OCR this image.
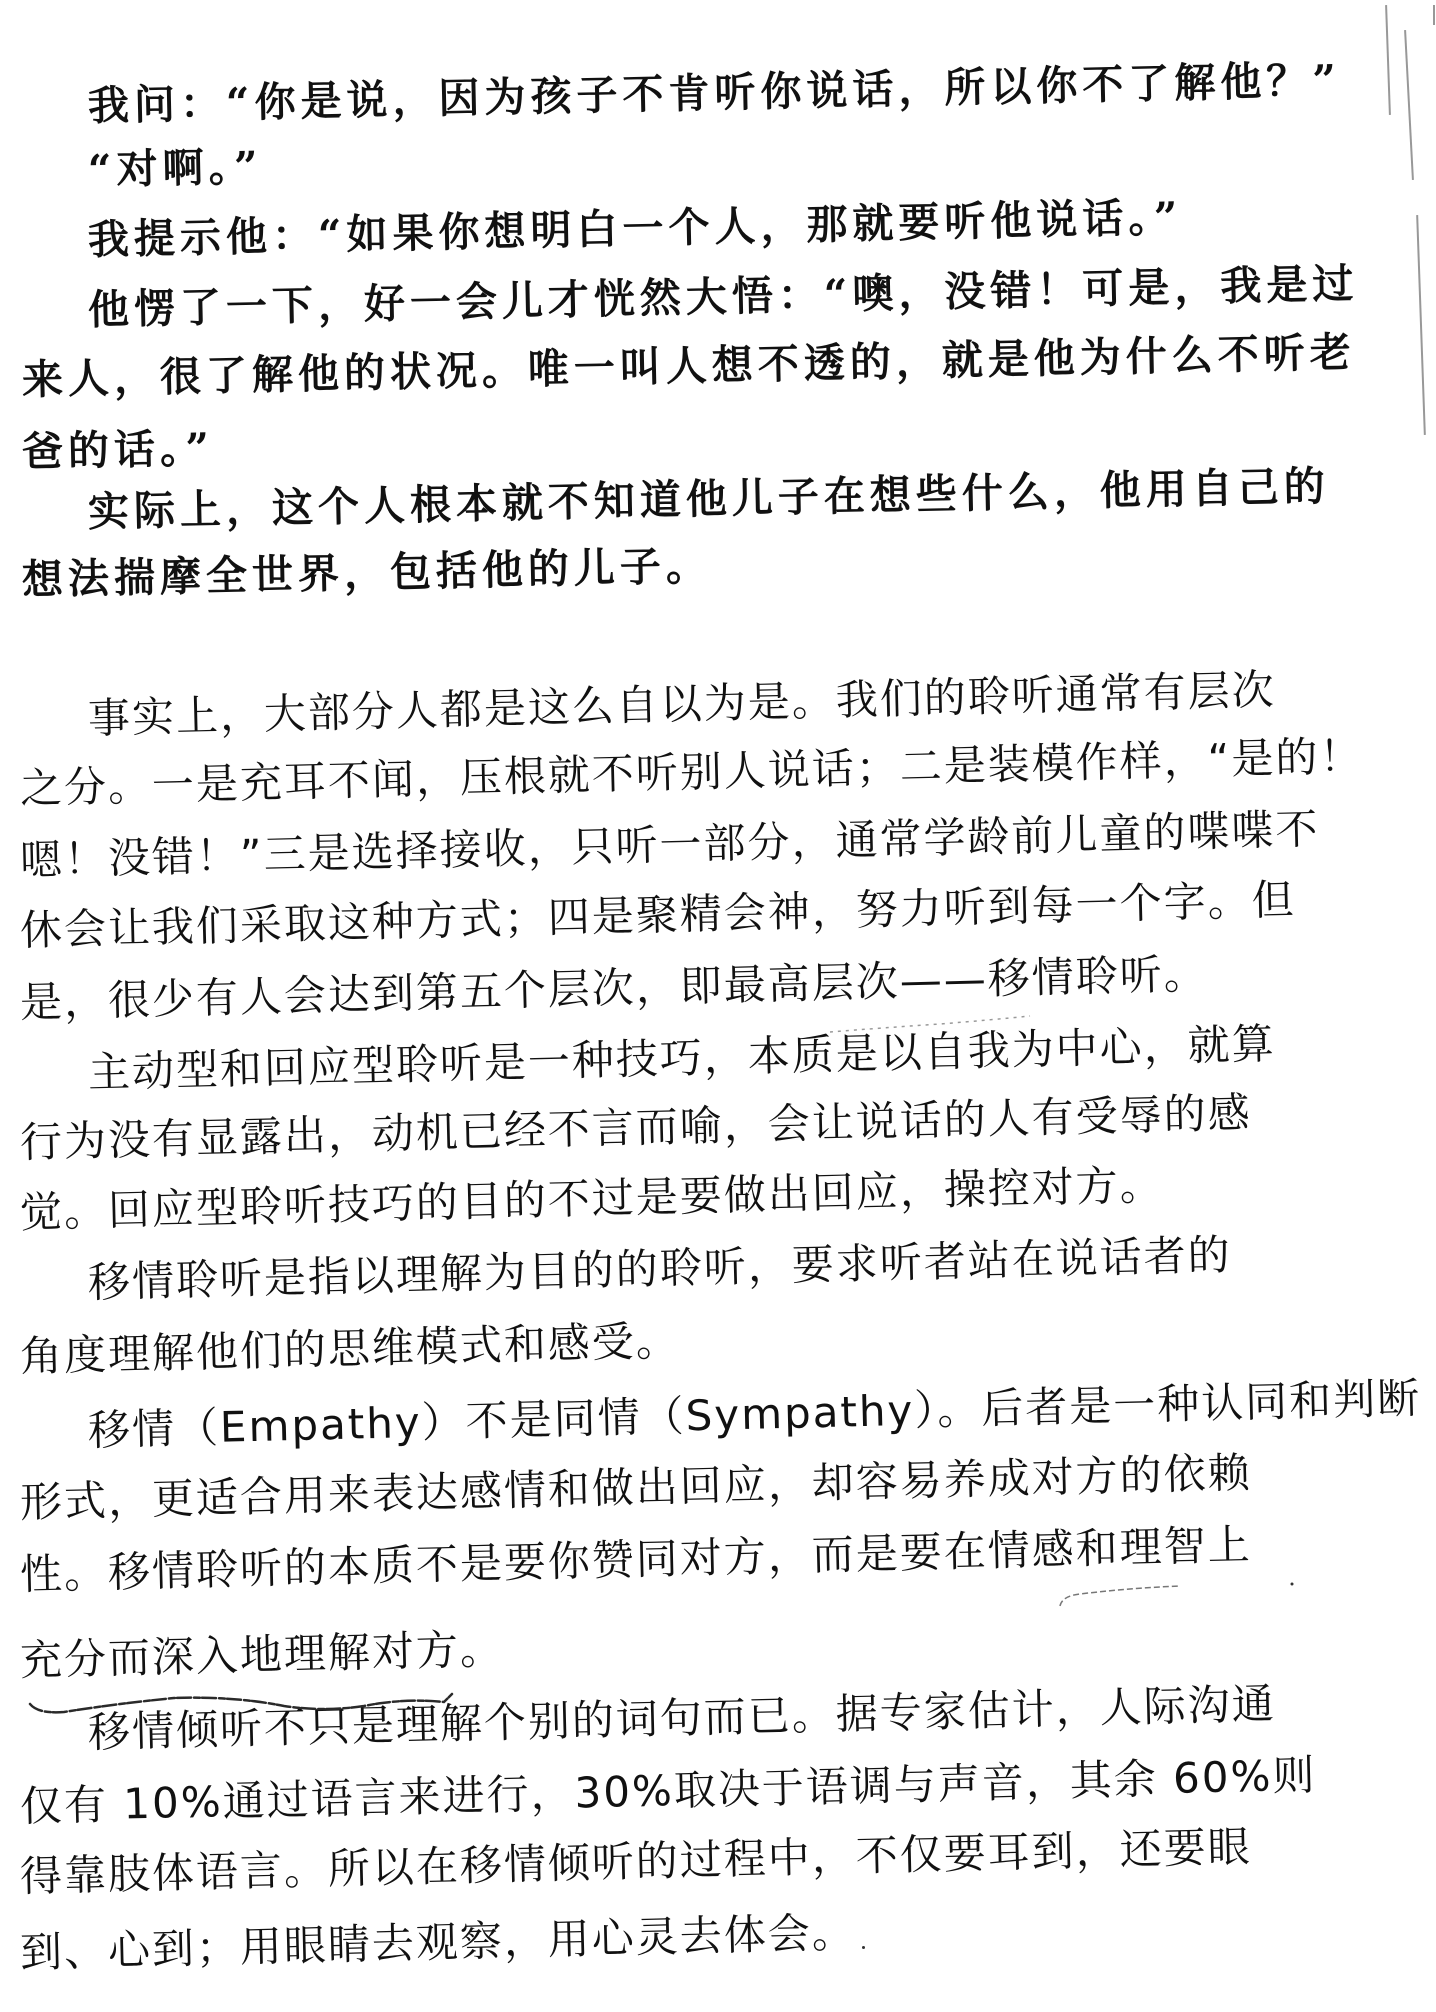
我问：“你是说，因为孩子不肯听你说话，所以你不了解他？”
“对啊。”
我提示他：“如果你想明白一个人，那就要听他说话。”
他愣了一下，好一会儿才恍然大悟：“噢，没错！可是，我是过
来人，很了解他的状况。唯一叫人想不透的，就是他为什么不听老
爸的话。”
实际上，这个人根本就不知道他儿子在想些什么，他用自己的
想法揣摩全世界，包括他的儿子。
事实上，大部分人都是这么自以为是。我们的聆听通常有层次
之分。一是充耳不闻，压根就不听别人说话；二是装模作样，“是的！
嗯！没错！”三是选择接收，只听一部分，通常学龄前儿童的喋喋不
休会让我们采取这种方式；四是聚精会神，努力听到每一个字。但
是，很少有人会达到第五个层次，即最高层次——移情聆听。
主动型和回应型聆听是一种技巧，本质是以自我为中心，就算
行为没有显露出，动机已经不言而喻，会让说话的人有受辱的感
觉。回应型聆听技巧的目的不过是要做出回应，操控对方。
移情聆听是指以理解为目的的聆听，要求听者站在说话者的
角度理解他们的思维模式和感受。
移情（Empathy）不是同情（Sympathy）。后者是一种认同和判断
形式，更适合用来表达感情和做出回应，却容易养成对方的依赖
性。移情聆听的本质不是要你赞同对方，而是要在情感和理智上
充分而深入地理解对方。
移情倾听不只是理解个别的词句而已。据专家估计，人际沟通
仅有 10%通过语言来进行，30%取决于语调与声音，其余 60%则
得靠肢体语言。所以在移情倾听的过程中，不仅要耳到，还要眼
到、心到；用眼睛去观察，用心灵去体会。
